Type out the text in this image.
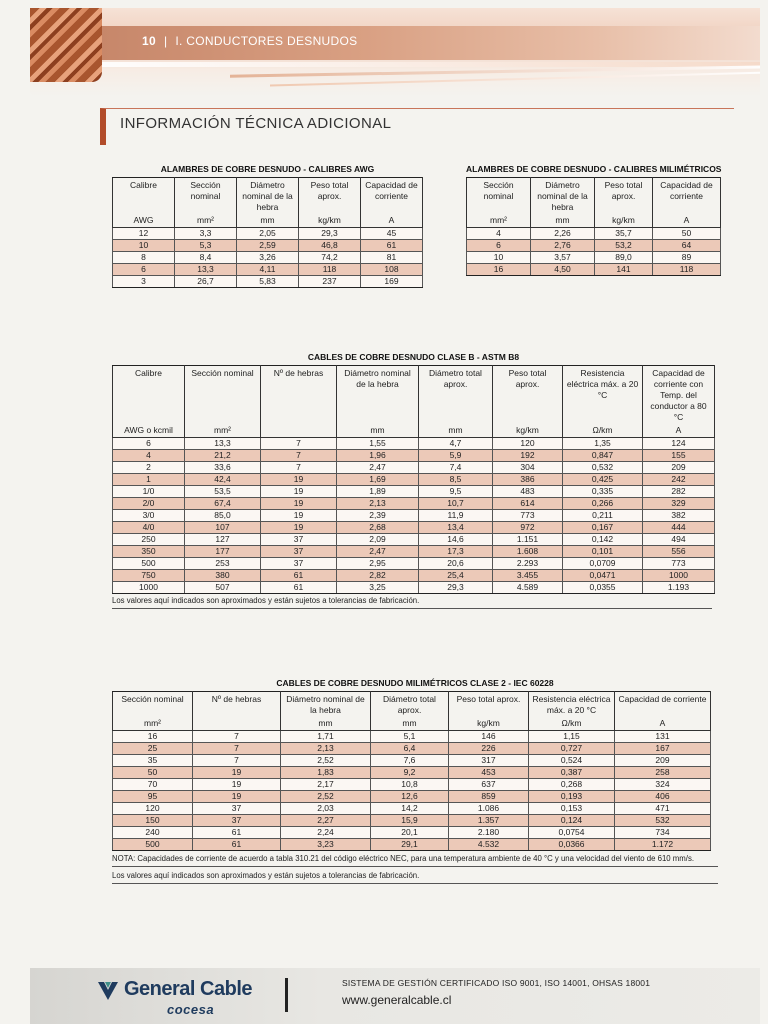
10 | I. CONDUCTORES DESNUDOS
INFORMACIÓN TÉCNICA ADICIONAL
ALAMBRES DE COBRE DESNUDO - CALIBRES AWG
Calibre	Sección nominal	Diámetro nominal de la hebra	Peso total aprox.	Capacidad de corriente
AWG	mm²	mm	kg/km	A
12	3,3	2,05	29,3	45
10	5,3	2,59	46,8	61
8	8,4	3,26	74,2	81
6	13,3	4,11	118	108
3	26,7	5,83	237	169
ALAMBRES DE COBRE DESNUDO - CALIBRES MILIMÉTRICOS
Sección nominal	Diámetro nominal de la hebra	Peso total aprox.	Capacidad de corriente
mm²	mm	kg/km	A
4	2,26	35,7	50
6	2,76	53,2	64
10	3,57	89,0	89
16	4,50	141	118
CABLES DE COBRE DESNUDO CLASE B - ASTM B8
Calibre	Sección nominal	Nº de hebras	Diámetro nominal de la hebra	Diámetro total aprox.	Peso total aprox.	Resistencia eléctrica máx. a 20 °C	Capacidad de corriente con Temp. del conductor a 80 °C
AWG o kcmil	mm²		mm	mm	kg/km	Ω/km	A
6	13,3	7	1,55	4,7	120	1,35	124
4	21,2	7	1,96	5,9	192	0,847	155
2	33,6	7	2,47	7,4	304	0,532	209
1	42,4	19	1,69	8,5	386	0,425	242
1/0	53,5	19	1,89	9,5	483	0,335	282
2/0	67,4	19	2,13	10,7	614	0,266	329
3/0	85,0	19	2,39	11,9	773	0,211	382
4/0	107	19	2,68	13,4	972	0,167	444
250	127	37	2,09	14,6	1.151	0,142	494
350	177	37	2,47	17,3	1.608	0,101	556
500	253	37	2,95	20,6	2.293	0,0709	773
750	380	61	2,82	25,4	3.455	0,0471	1000
1000	507	61	3,25	29,3	4.589	0,0355	1.193
Los valores aquí indicados son aproximados y están sujetos a tolerancias de fabricación.
CABLES DE COBRE DESNUDO MILIMÉTRICOS CLASE 2 - IEC 60228
Sección nominal	Nº de hebras	Diámetro nominal de la hebra	Diámetro total aprox.	Peso total aprox.	Resistencia eléctrica máx. a 20 °C	Capacidad de corriente
mm²		mm	mm	kg/km	Ω/km	A
16	7	1,71	5,1	146	1,15	131
25	7	2,13	6,4	226	0,727	167
35	7	2,52	7,6	317	0,524	209
50	19	1,83	9,2	453	0,387	258
70	19	2,17	10,8	637	0,268	324
95	19	2,52	12,6	859	0,193	406
120	37	2,03	14,2	1.086	0,153	471
150	37	2,27	15,9	1.357	0,124	532
240	61	2,24	20,1	2.180	0,0754	734
500	61	3,23	29,1	4.532	0,0366	1.172
NOTA: Capacidades de corriente de acuerdo a tabla 310.21 del código eléctrico NEC, para una temperatura ambiente de 40 °C y una velocidad del viento de 610 mm/s.
Los valores aquí indicados son aproximados y están sujetos a tolerancias de fabricación.
General Cable
cocesa
SISTEMA DE GESTIÓN CERTIFICADO ISO 9001, ISO 14001, OHSAS 18001
www.generalcable.cl
